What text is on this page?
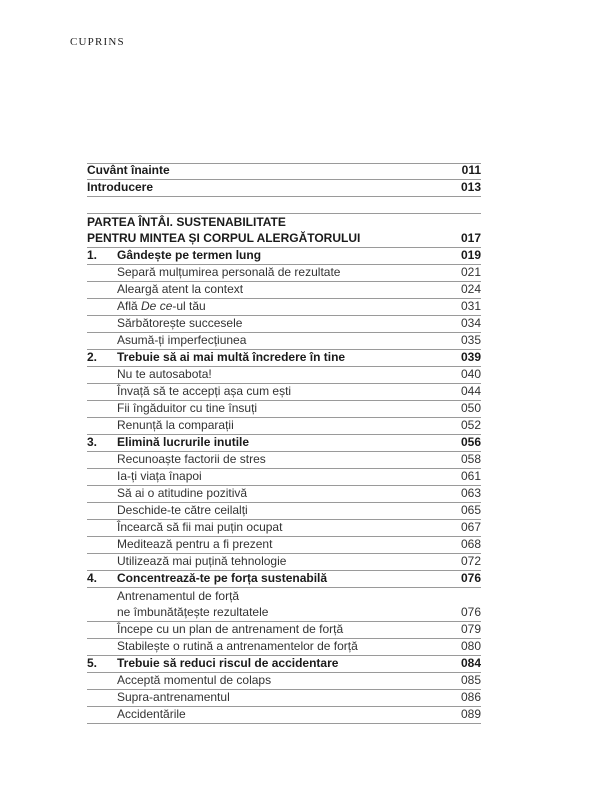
CUPRINS
Cuvânt înainte	011
Introducere	013
PARTEA ÎNTÂI. SUSTENABILITATE
PENTRU MINTEA ȘI CORPUL ALERGĂTORULUI	017
1.	Gândește pe termen lung	019
Separă mulțumirea personală de rezultate	021
Aleargă atent la context	024
Află De ce-ul tău	031
Sărbătorește succesele	034
Asumă-ți imperfecțiunea	035
2.	Trebuie să ai mai multă încredere în tine	039
Nu te autosabota!	040
Învață să te accepți așa cum ești	044
Fii îngăduitor cu tine însuți	050
Renunță la comparații	052
3.	Elimină lucrurile inutile	056
Recunoaște factorii de stres	058
Ia-ți viața înapoi	061
Să ai o atitudine pozitivă	063
Deschide-te către ceilalți	065
Încearcă să fii mai puțin ocupat	067
Meditează pentru a fi prezent	068
Utilizează mai puțină tehnologie	072
4.	Concentrează-te pe forța sustenabilă	076
Antrenamentul de forță
ne îmbunătățește rezultatele	076
Începe cu un plan de antrenament de forță	079
Stabilește o rutină a antrenamentelor de forță	080
5.	Trebuie să reduci riscul de accidentare	084
Acceptă momentul de colaps	085
Supra-antrenamentul	086
Accidentările	089
